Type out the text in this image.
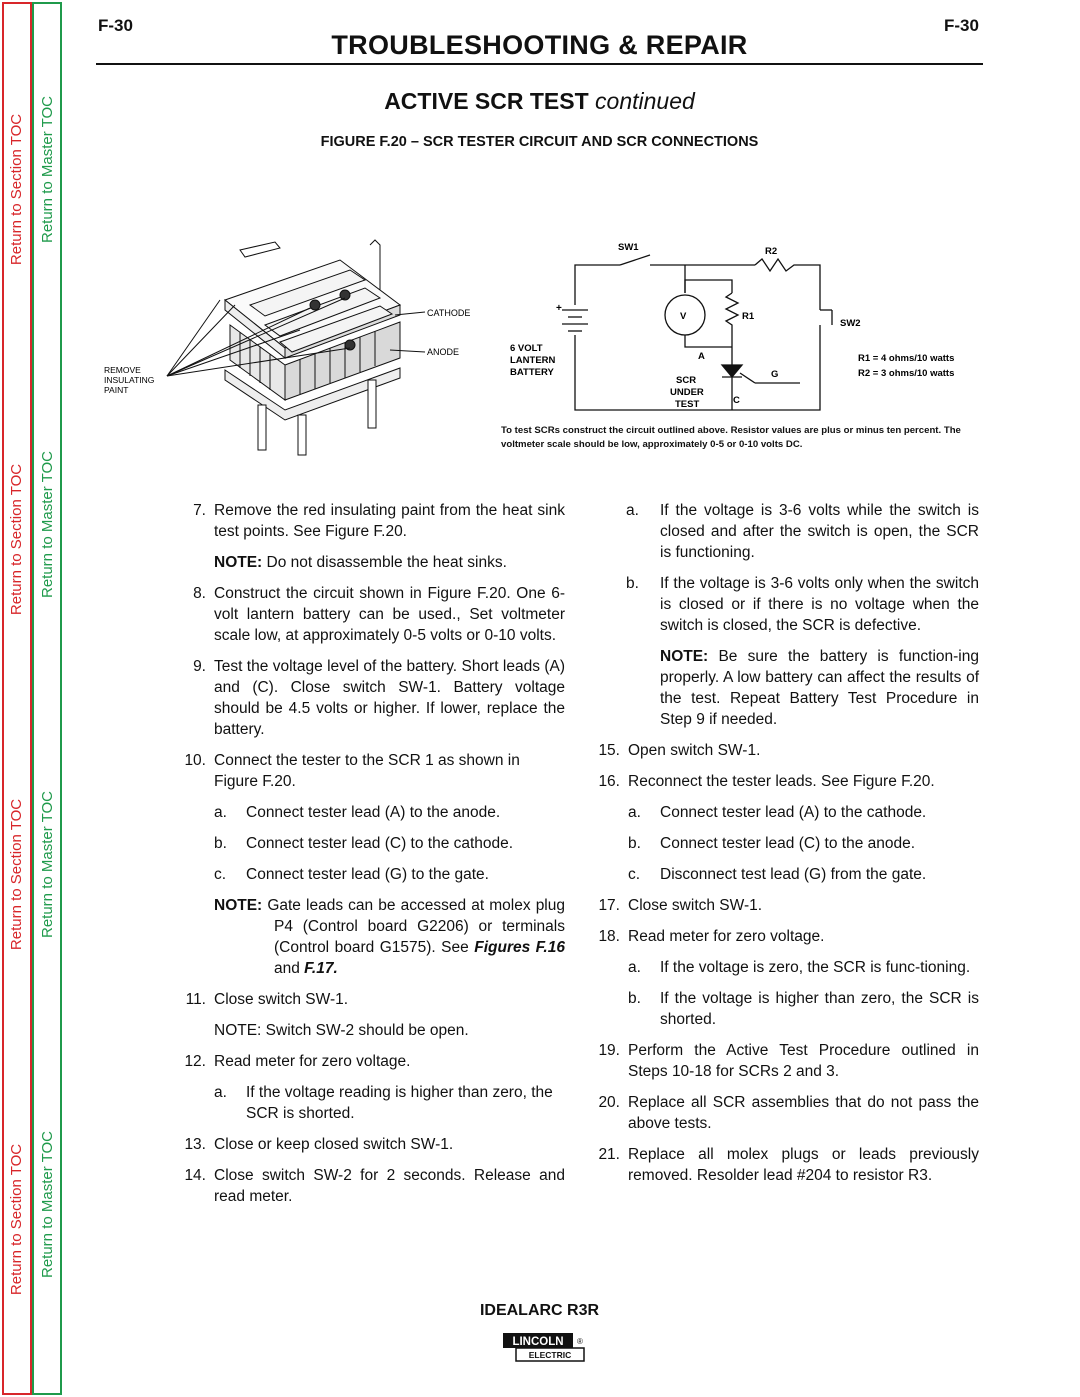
Return to Section TOC
Return to Section TOC
Return to Section TOC
Return to Section TOC
Return to Master TOC
Return to Master TOC
Return to Master TOC
Return to Master TOC
F-30	F-30
TROUBLESHOOTING & REPAIR
ACTIVE SCR TEST continued
FIGURE F.20 – SCR TESTER CIRCUIT AND SCR CONNECTIONS
CATHODE
ANODE
REMOVE
INSULATING
PAINT
SW1	R2
V	R1
SW2
+
6 VOLT
LANTERN
BATTERY
A
G
C
SCR
UNDER
TEST
R1 = 4 ohms/10 watts
R2 = 3 ohms/10 watts
To test SCRs construct the circuit outlined above. Resistor values are plus or minus ten percent. The voltmeter scale should be low, approximately 0-5 or 0-10 volts DC.
7. Remove the red insulating paint from the heat sink test points. See Figure F.20.
NOTE: Do not disassemble the heat sinks.
8. Construct the circuit shown in Figure F.20. One 6-volt lantern battery can be used., Set voltmeter scale low, at approximately 0-5 volts or 0-10 volts.
9. Test the voltage level of the battery. Short leads (A) and (C). Close switch SW-1. Battery voltage should be 4.5 volts or higher. If lower, replace the battery.
10. Connect the tester to the SCR 1 as shown in Figure F.20.
a.	Connect tester lead (A) to the anode.
b.	Connect tester lead (C) to the cathode.
c.	Connect tester lead (G) to the gate.
NOTE: Gate leads can be accessed at molex plug P4 (Control board G2206) or terminals (Control board G1575). See Figures F.16 and F.17.
11. Close switch SW-1.
NOTE: Switch SW-2 should be open.
12. Read meter for zero voltage.
a.	If the voltage reading is higher than zero, the SCR is shorted.
13. Close or keep closed switch SW-1.
14. Close switch SW-2 for 2 seconds. Release and read meter.
a.	If the voltage is 3-6 volts while the switch is closed and after the switch is open, the SCR is functioning.
b.	If the voltage is 3-6 volts only when the switch is closed or if there is no voltage when the switch is closed, the SCR is defective.
NOTE: Be sure the battery is function-ing properly. A low battery can affect the results of the test. Repeat Battery Test Procedure in Step 9 if needed.
15. Open switch SW-1.
16. Reconnect the tester leads. See Figure F.20.
a.	Connect tester lead (A) to the cathode.
b.	Connect tester lead (C) to the anode.
c.	Disconnect test lead (G) from the gate.
17. Close switch SW-1.
18. Read meter for zero voltage.
a.	If the voltage is zero, the SCR is func-tioning.
b.	If the voltage is higher than zero, the SCR is shorted.
19. Perform the Active Test Procedure outlined in Steps 10-18 for SCRs 2 and 3.
20. Replace all SCR assemblies that do not pass the above tests.
21. Replace all molex plugs or leads previously removed. Resolder lead #204 to resistor R3.
IDEALARC R3R
LINCOLN ®
ELECTRIC
